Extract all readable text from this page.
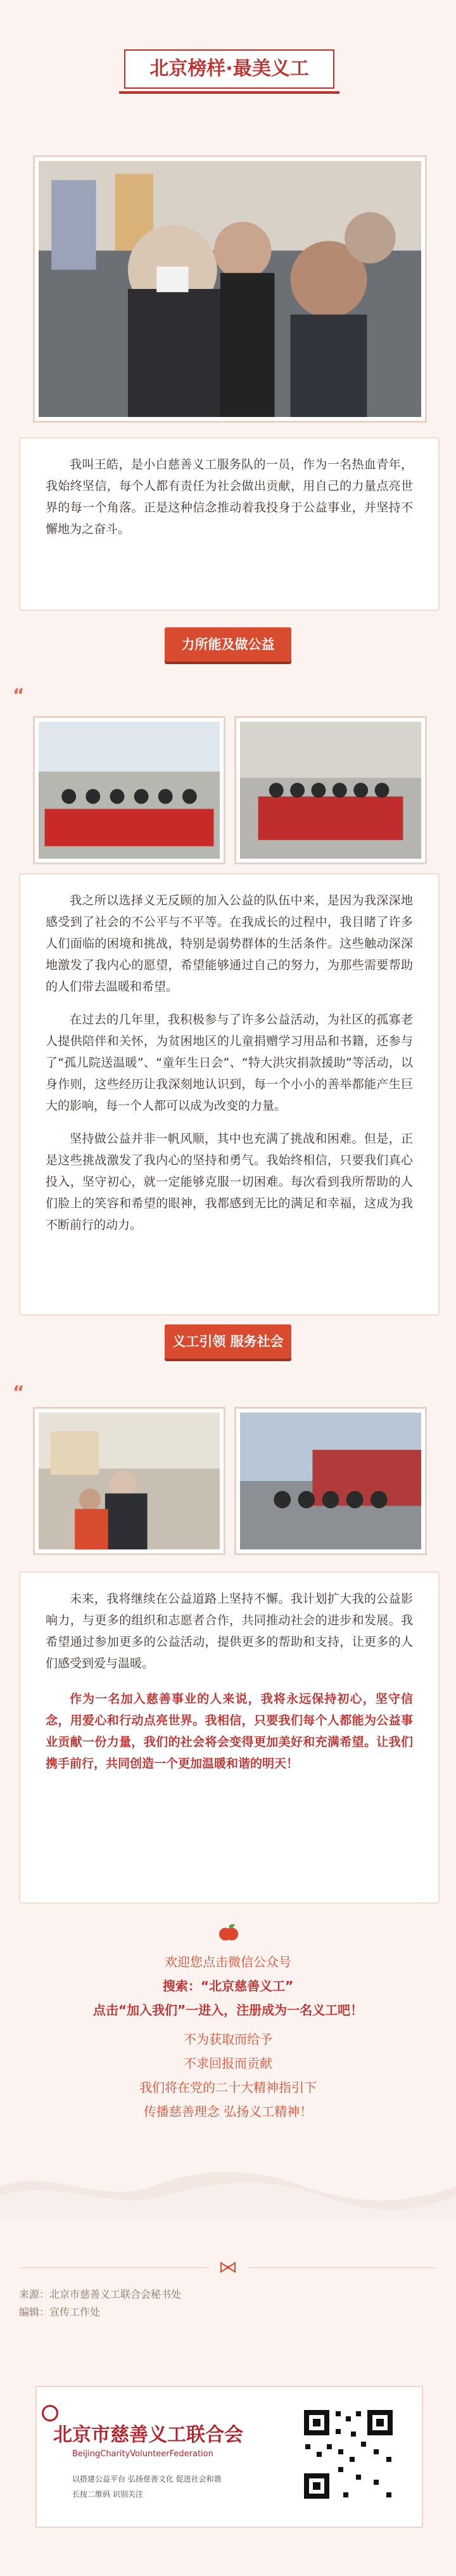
北京榜样·最美义工

我叫王皓，是小白慈善义工服务队的一员，作为一名热血青年，我始终坚信，每个人都有责任为社会做出贡献，用自己的力量点亮世界的每一个角落。正是这种信念推动着我投身于公益事业，并坚持不懈地为之奋斗。

力所能及做公益
“

我之所以选择义无反顾的加入公益的队伍中来，是因为我深深地感受到了社会的不公平与不平等。在我成长的过程中，我目睹了许多人们面临的困境和挑战，特别是弱势群体的生活条件。这些触动深深地激发了我内心的愿望，希望能够通过自己的努力，为那些需要帮助的人们带去温暖和希望。

在过去的几年里，我积极参与了许多公益活动，为社区的孤寡老人提供陪伴和关怀，为贫困地区的儿童捐赠学习用品和书籍，还参与了“孤儿院送温暖”、“童年生日会”、“特大洪灾捐款援助”等活动，以身作则，这些经历让我深刻地认识到，每一个小小的善举都能产生巨大的影响，每一个人都可以成为改变的力量。

坚持做公益并非一帆风顺，其中也充满了挑战和困难。但是，正是这些挑战激发了我内心的坚持和勇气。我始终相信，只要我们真心投入，坚守初心，就一定能够克服一切困难。每次看到我所帮助的人们脸上的笑容和希望的眼神，我都感到无比的满足和幸福，这成为我不断前行的动力。

义工引领 服务社会
“

未来，我将继续在公益道路上坚持不懈。我计划扩大我的公益影响力，与更多的组织和志愿者合作，共同推动社会的进步和发展。我希望通过参加更多的公益活动，提供更多的帮助和支持，让更多的人们感受到爱与温暖。

作为一名加入慈善事业的人来说，我将永远保持初心，坚守信念，用爱心和行动点亮世界。我相信，只要我们每个人都能为公益事业贡献一份力量，我们的社会将会变得更加美好和充满希望。让我们携手前行，共同创造一个更加温暖和谐的明天！

欢迎您点击微信公众号
搜索：“北京慈善义工”
点击“加入我们”一进入，注册成为一名义工吧！
不为获取而给予
不求回报而贡献
我们将在党的二十大精神指引下
传播慈善理念 弘扬义工精神！
来源：北京市慈善义工联合会秘书处
编辑：宣传工作处
北京市慈善义工联合会
BeijingCharityVolunteerFederation
以搭建公益平台 弘扬慈善文化 促进社会和谐
长按二维码 识别关注
